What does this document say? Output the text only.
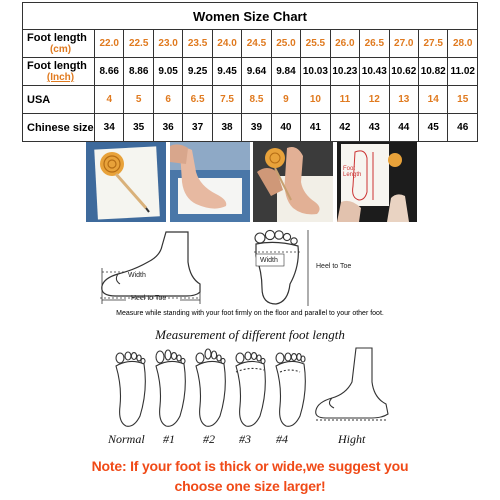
Women Size Chart													
Foot length
(cm)	22.0	22.5	23.0	23.5	24.0	24.5	25.0	25.5	26.0	26.5	27.0	27.5	28.0
Foot length
(Inch)	8.66	8.86	9.05	9.25	9.45	9.64	9.84	10.03	10.23	10.43	10.62	10.82	11.02
USA	4	5	6	6.5	7.5	8.5	9	10	11	12	13	14	15
Chinese size	34	35	36	37	38	39	40	41	42	43	44	45	46
Foot Length
Width
Heel to Toe
Width
Heel to Toe
Measure while standing with your foot firmly on the floor and parallel to your other foot.
Measurement of different foot length
Normal #1 #2 #3 #4	Hight
Note: If your foot is thick or wide,we suggest you
choose one size larger!
